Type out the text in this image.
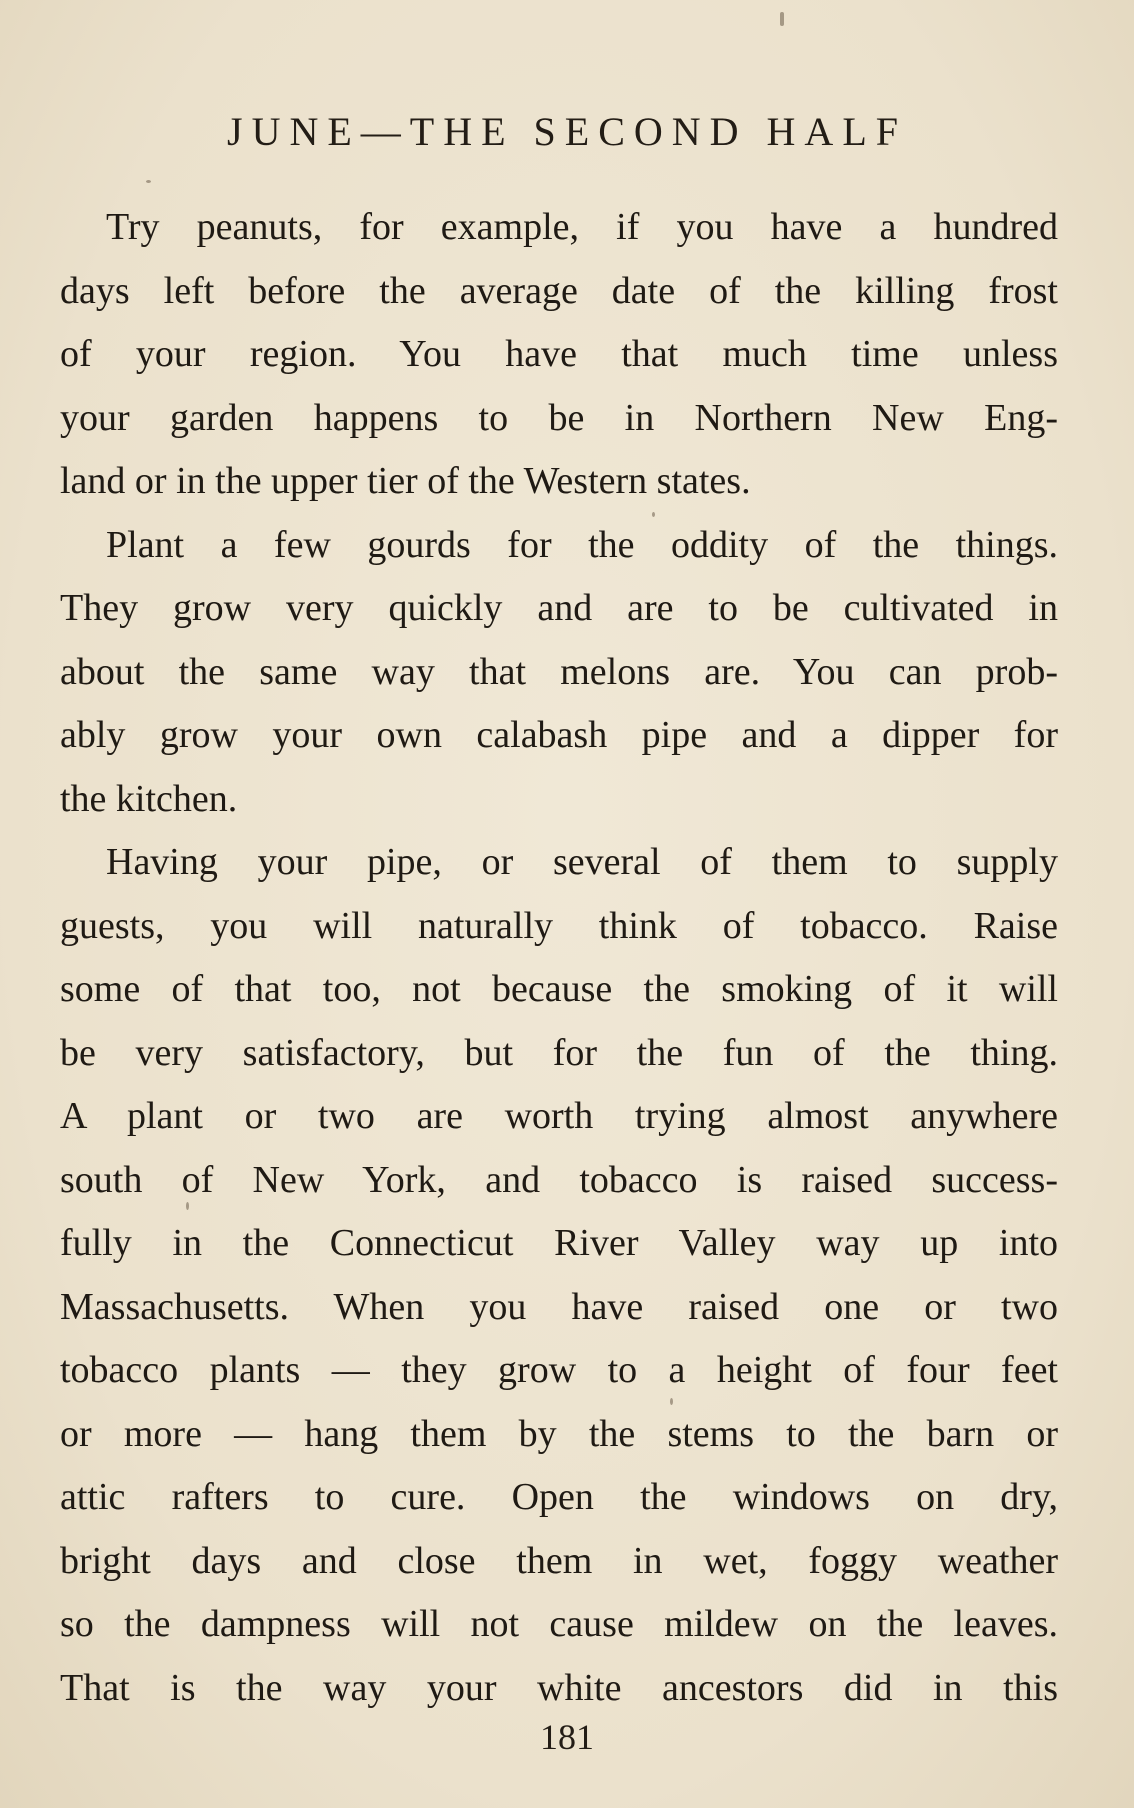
JUNE—THE SECOND HALF
Try peanuts, for example, if you have a hundred
days left before the average date of the killing frost
of your region. You have that much time unless
your garden happens to be in Northern New Eng-
land or in the upper tier of the Western states.
Plant a few gourds for the oddity of the things.
They grow very quickly and are to be cultivated in
about the same way that melons are. You can prob-
ably grow your own calabash pipe and a dipper for
the kitchen.
Having your pipe, or several of them to supply
guests, you will naturally think of tobacco. Raise
some of that too, not because the smoking of it will
be very satisfactory, but for the fun of the thing.
A plant or two are worth trying almost anywhere
south of New York, and tobacco is raised success-
fully in the Connecticut River Valley way up into
Massachusetts. When you have raised one or two
tobacco plants — they grow to a height of four feet
or more — hang them by the stems to the barn or
attic rafters to cure. Open the windows on dry,
bright days and close them in wet, foggy weather
so the dampness will not cause mildew on the leaves.
That is the way your white ancestors did in this
181
